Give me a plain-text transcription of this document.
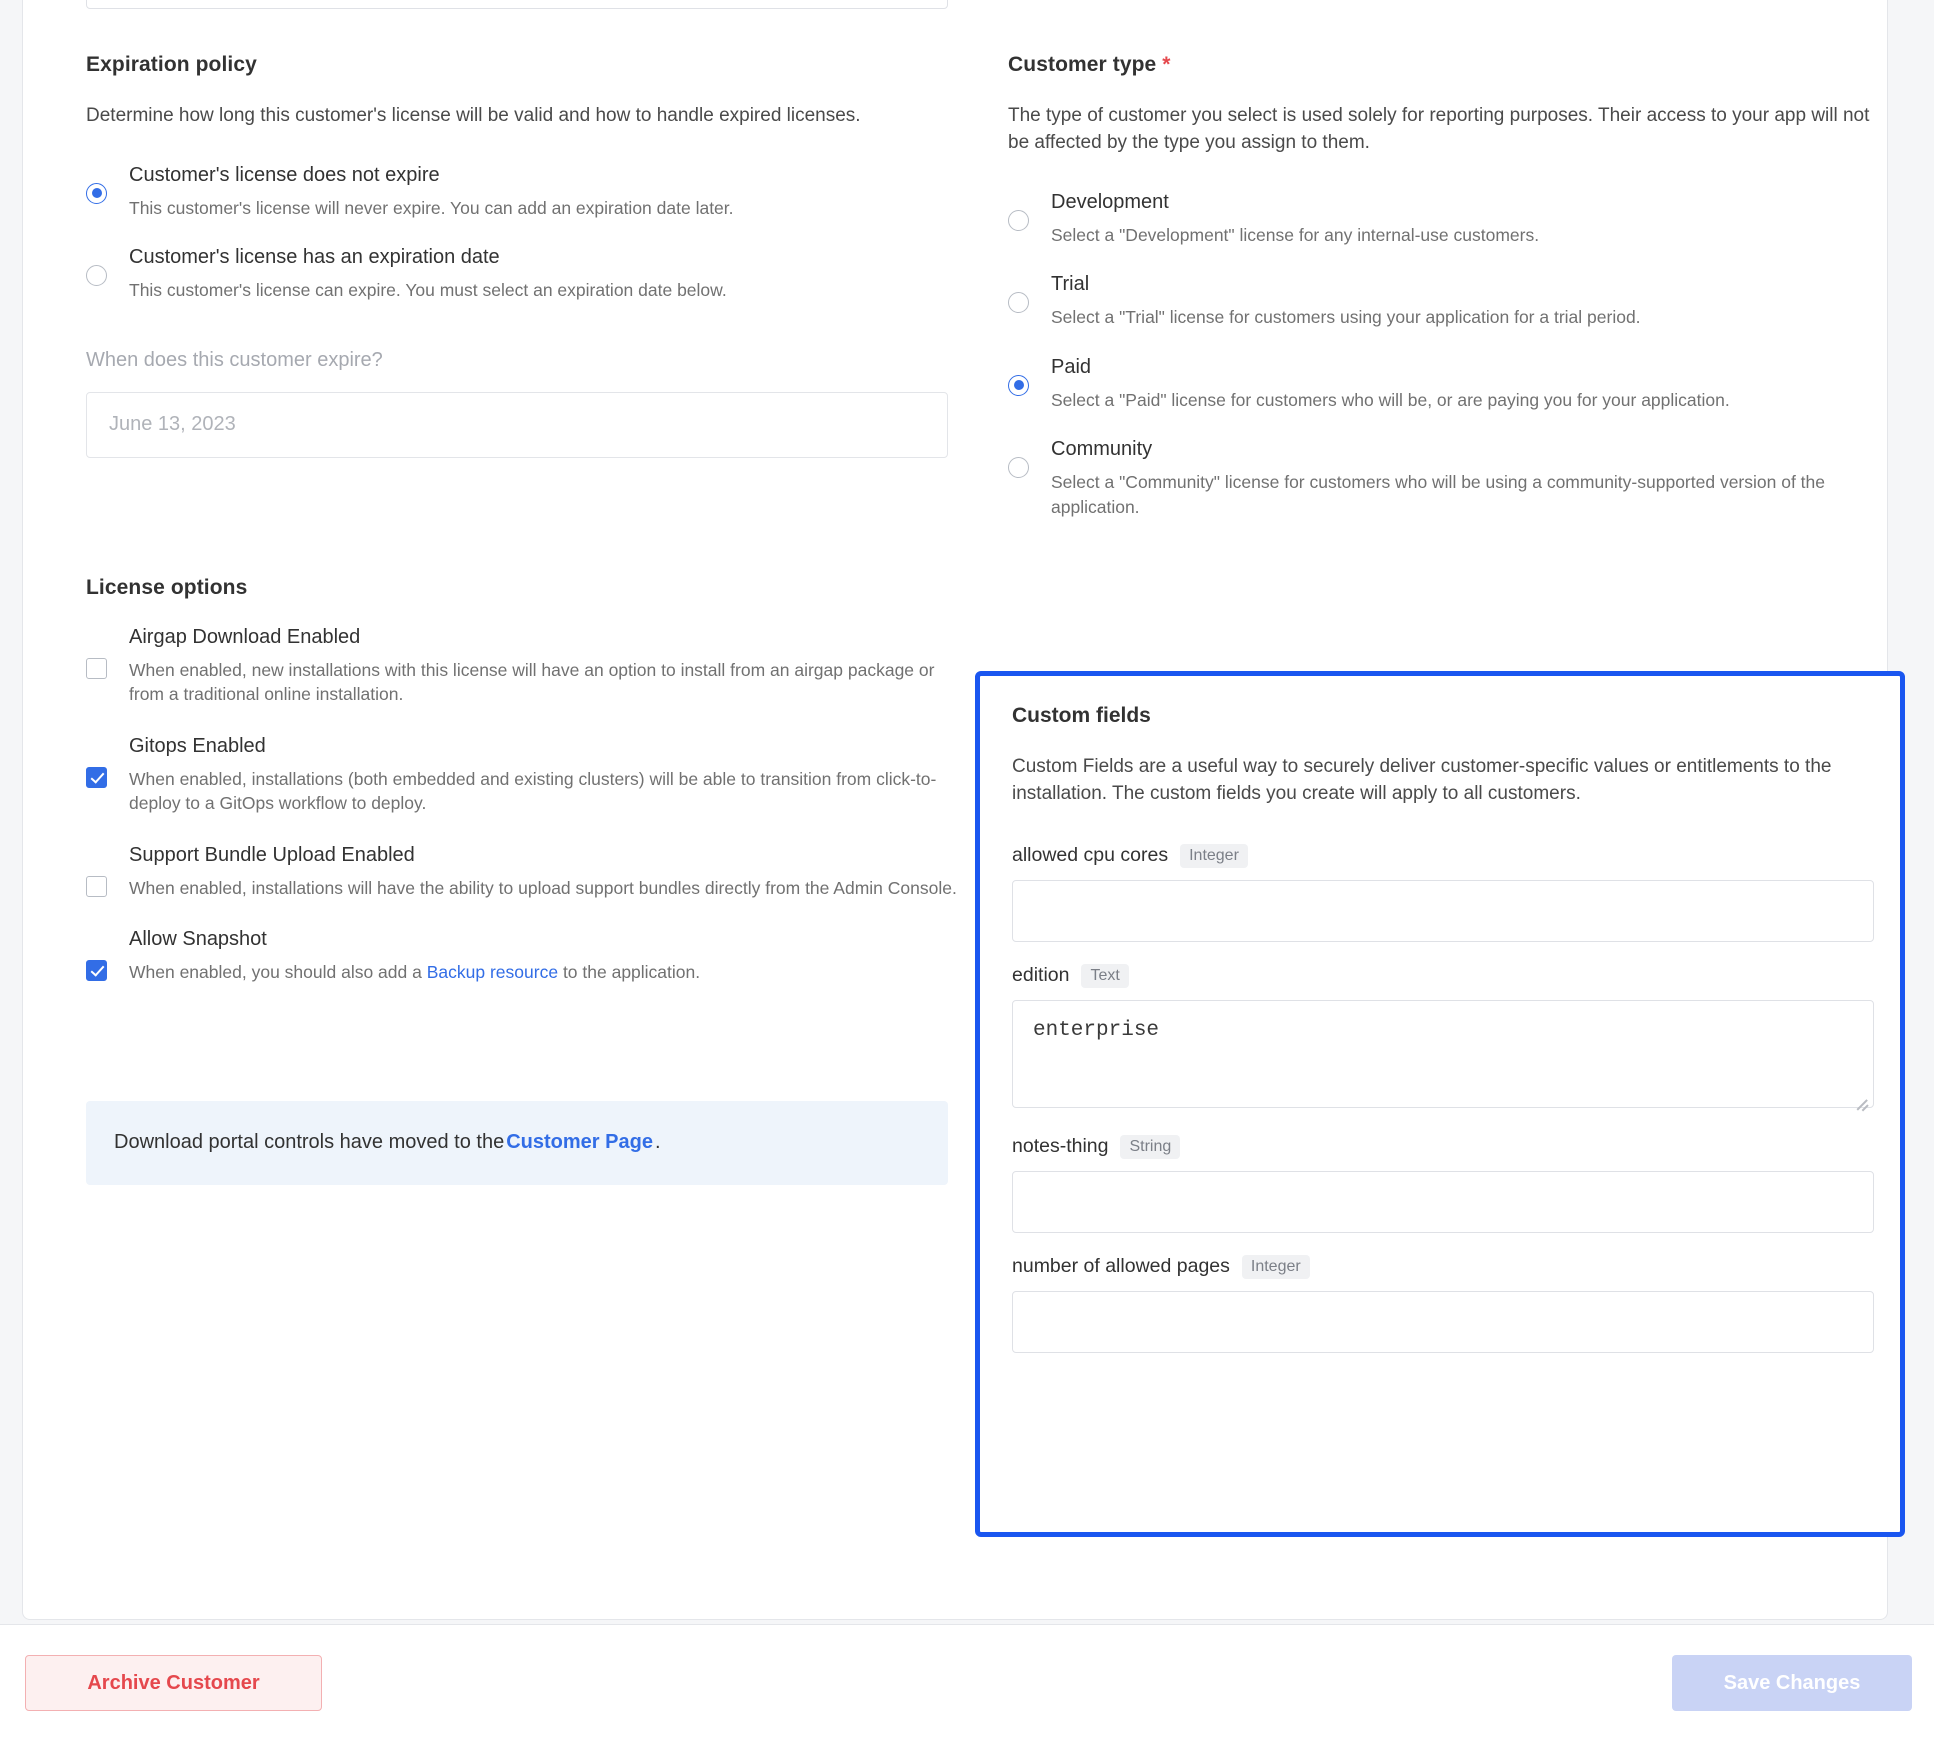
Expiration policy

Determine how long this customer's license will be valid and how to handle expired licenses.

Customer's license does not expire
This customer's license will never expire. You can add an expiration date later.
Customer's license has an expiration date
This customer's license can expire. You must select an expiration date below.
When does this customer expire?
June 13, 2023
License options
Airgap Download Enabled
When enabled, new installations with this license will have an option to install from an airgap package or from a traditional online installation.
Gitops Enabled
When enabled, installations (both embedded and existing clusters) will be able to transition from click-to-deploy to a GitOps workflow to deploy.
Support Bundle Upload Enabled
When enabled, installations will have the ability to upload support bundles directly from the Admin Console.
Allow Snapshot
When enabled, you should also add a Backup resource to the application.
Download portal controls have moved to the Customer Page .
Customer type *

The type of customer you select is used solely for reporting purposes. Their access to your app will not be affected by the type you assign to them.

Development
Select a "Development" license for any internal-use customers.
Trial
Select a "Trial" license for customers using your application for a trial period.
Paid
Select a "Paid" license for customers who will be, or are paying you for your application.
Community
Select a "Community" license for customers who will be using a community-supported version of the application.
Custom fields

Custom Fields are a useful way to securely deliver customer-specific values or entitlements to the installation. The custom fields you create will apply to all customers.

allowed cpu cores	Integer
edition	Text
enterprise
notes-thing	String
number of allowed pages	Integer
Archive Customer	Save Changes
